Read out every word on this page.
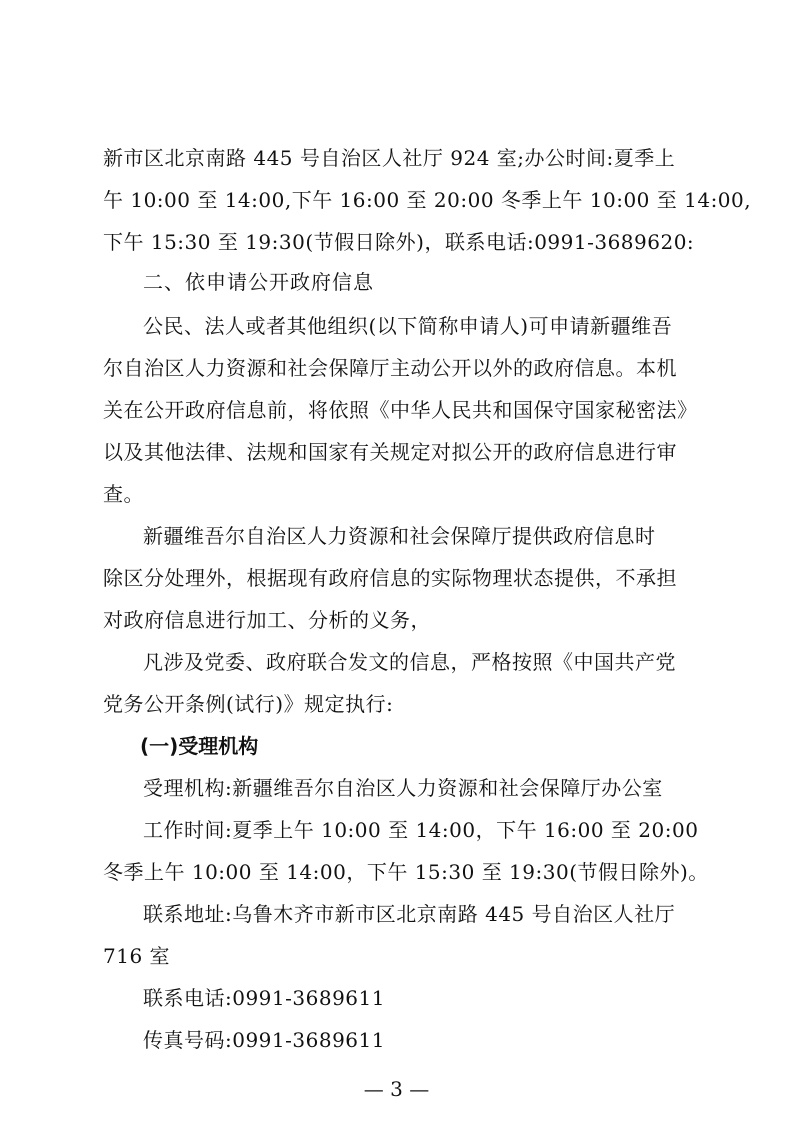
新市区北京南路 445 号自治区人社厅 924 室;办公时间:夏季上
午 10:00 至 14:00,下午 16:00 至 20:00 冬季上午 10:00 至 14:00,
下午 15:30 至 19:30(节假日除外)，联系电话:0991-3689620:
二、依申请公开政府信息
公民、法人或者其他组织(以下简称申请人)可申请新疆维吾
尔自治区人力资源和社会保障厅主动公开以外的政府信息。本机
关在公开政府信息前，将依照《中华人民共和国保守国家秘密法》
以及其他法律、法规和国家有关规定对拟公开的政府信息进行审
查。
新疆维吾尔自治区人力资源和社会保障厅提供政府信息时
除区分处理外，根据现有政府信息的实际物理状态提供，不承担
对政府信息进行加工、分析的义务，
凡涉及党委、政府联合发文的信息，严格按照《中国共产党
党务公开条例(试行)》规定执行:
(一)受理机构
受理机构:新疆维吾尔自治区人力资源和社会保障厅办公室
工作时间:夏季上午 10:00 至 14:00，下午 16:00 至 20:00
冬季上午 10:00 至 14:00，下午 15:30 至 19:30(节假日除外)。
联系地址:乌鲁木齐市新市区北京南路 445 号自治区人社厅
716 室
联系电话:0991-3689611
传真号码:0991-3689611
— 3 —
